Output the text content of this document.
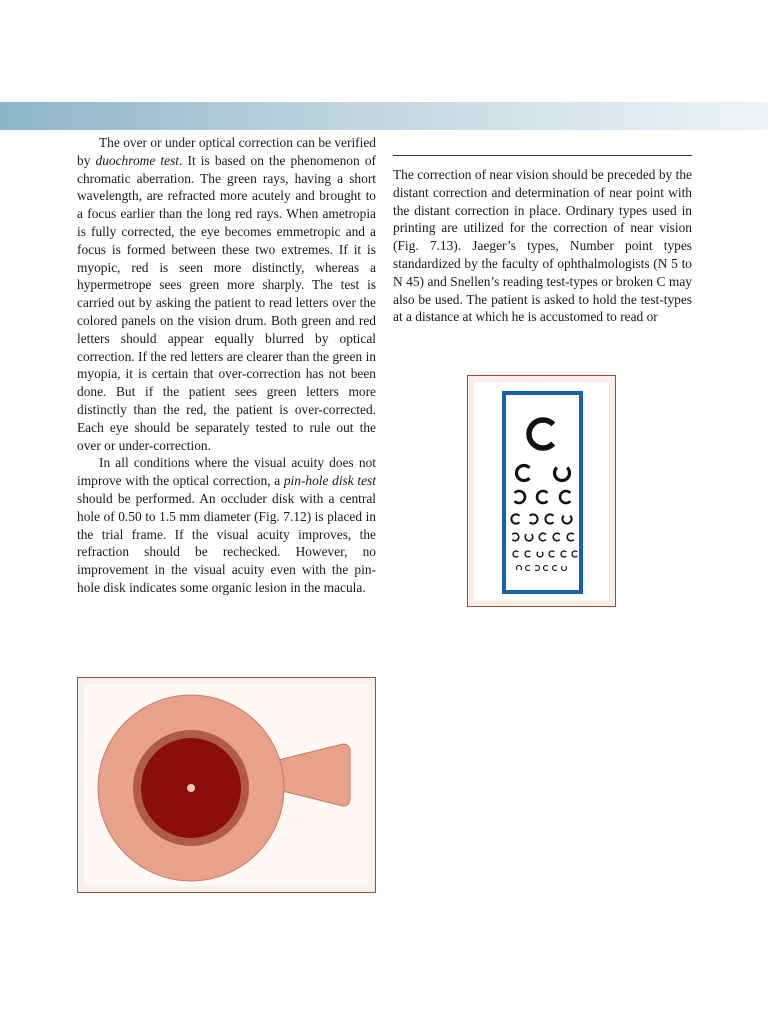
The over or under optical correction can be verified by duochrome test. It is based on the phenomenon of chromatic aberration. The green rays, having a short wavelength, are refracted more acutely and brought to a focus earlier than the long red rays. When ametropia is fully corrected, the eye becomes emmetropic and a focus is formed between these two extremes. If it is myopic, red is seen more distinctly, whereas a hypermetrope sees green more sharply. The test is carried out by asking the patient to read letters over the colored panels on the vision drum. Both green and red letters should appear equally blurred by optical correction. If the red letters are clearer than the green in myopia, it is certain that over-correction has not been done. But if the patient sees green letters more distinctly than the red, the patient is over-corrected. Each eye should be separately tested to rule out the over or under-correction.

In all conditions where the visual acuity does not improve with the optical correction, a pin-hole disk test should be performed. An occluder disk with a central hole of 0.50 to 1.5 mm diameter (Fig. 7.12) is placed in the trial frame. If the visual acuity improves, the refraction should be rechecked. However, no improvement in the visual acuity even with the pin-hole disk indicates some organic lesion in the macula.

The correction of near vision should be preceded by the distant correction and determination of near point with the distant correction in place. Ordinary types used in printing are utilized for the correction of near vision (Fig. 7.13). Jaeger’s types, Number point types standardized by the faculty of ophthalmologists (N 5 to N 45) and Snellen’s reading test-types or broken C may also be used. The patient is asked to hold the test-types at a distance at which he is accustomed to read or
